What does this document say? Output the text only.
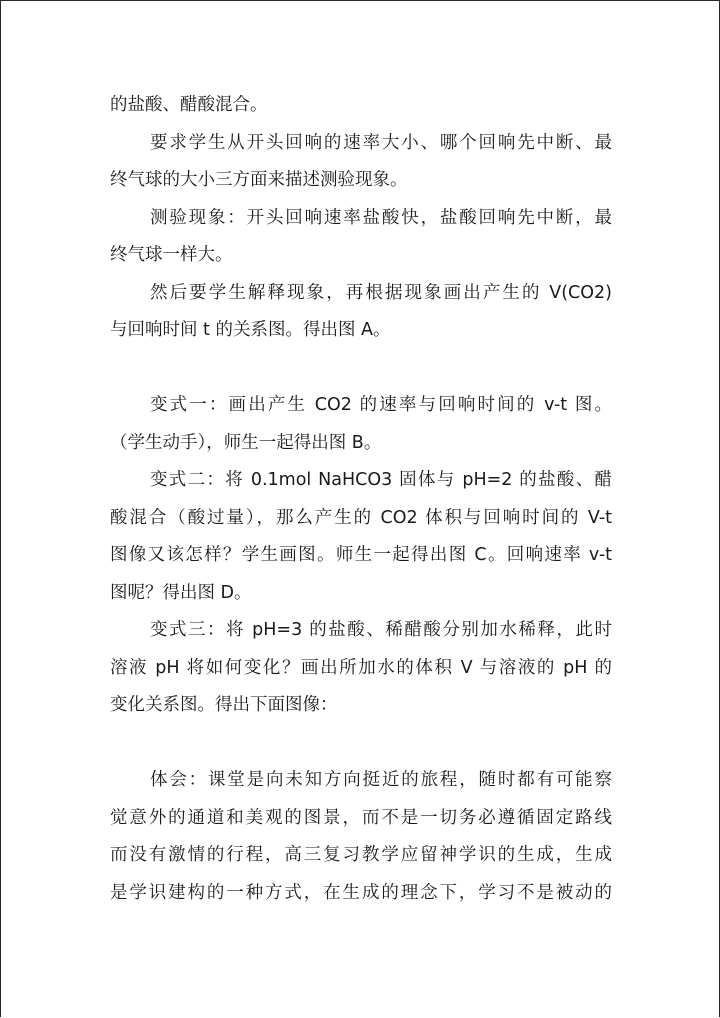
的盐酸、醋酸混合。
要求学生从开头回响的速率大小、哪个回响先中断、最
终气球的大小三方面来描述测验现象。
测验现象：开头回响速率盐酸快，盐酸回响先中断，最
终气球一样大。
然后要学生解释现象，再根据现象画出产生的 V(CO2)
与回响时间 t 的关系图。得出图 A。
变式一：画出产生 CO2 的速率与回响时间的 v-t 图。
（学生动手），师生一起得出图 B。
变式二：将 0.1mol NaHCO3 固体与 pH=2 的盐酸、醋
酸混合（酸过量），那么产生的 CO2 体积与回响时间的 V-t
图像又该怎样？学生画图。师生一起得出图 C。回响速率 v-t
图呢？得出图 D。
变式三：将 pH=3 的盐酸、稀醋酸分别加水稀释，此时
溶液 pH 将如何变化？画出所加水的体积 V 与溶液的 pH 的
变化关系图。得出下面图像：
体会：课堂是向未知方向挺近的旅程，随时都有可能察
觉意外的通道和美观的图景，而不是一切务必遵循固定路线
而没有激情的行程，高三复习教学应留神学识的生成，生成
是学识建构的一种方式，在生成的理念下，学习不是被动的
